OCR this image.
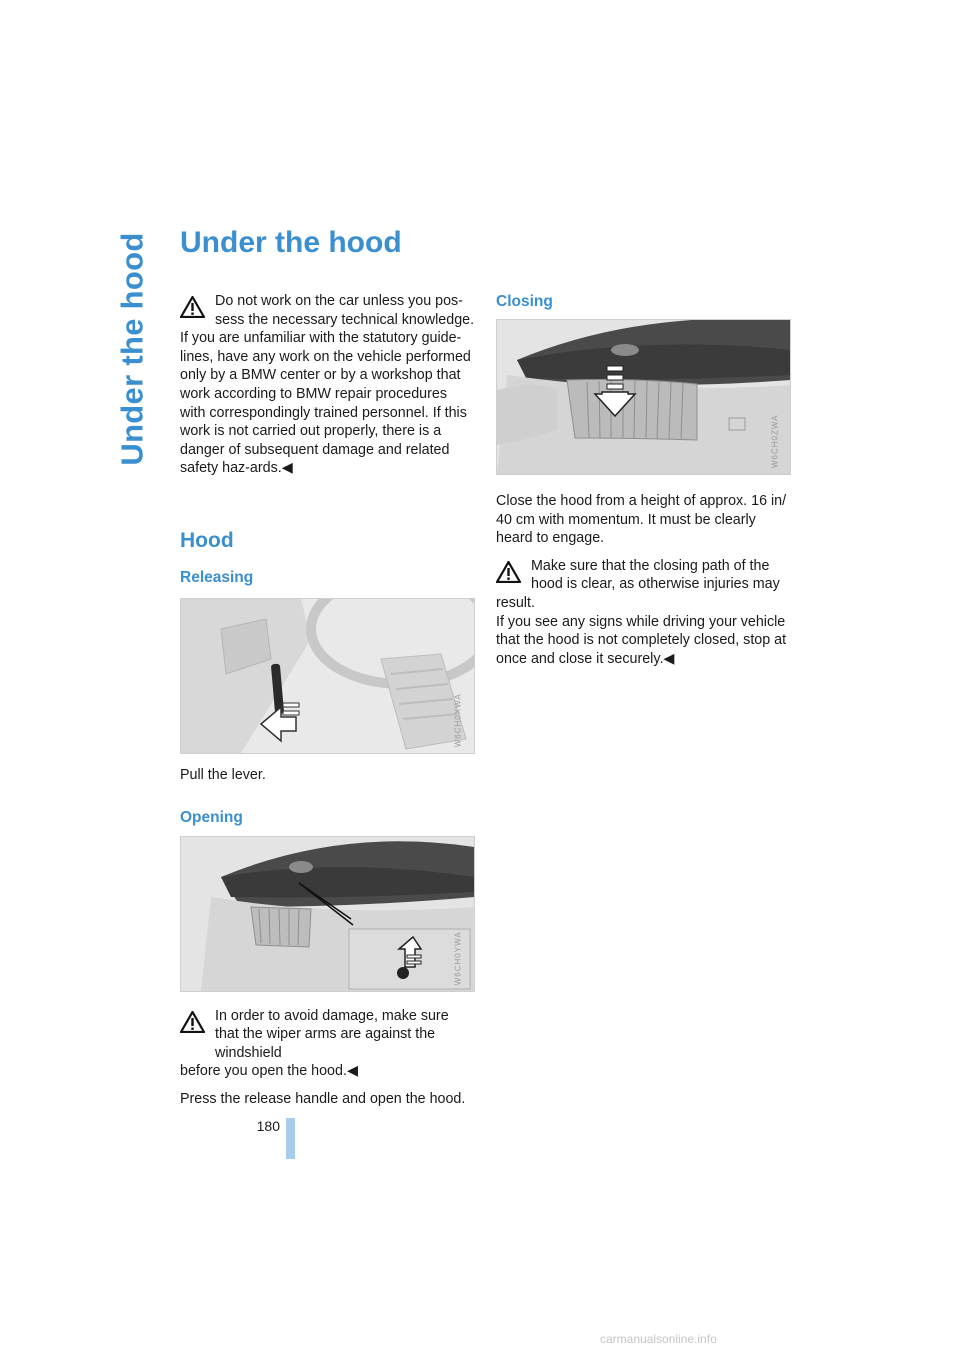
Under the hood Under the hood

Do not work on the car unless you pos-sess the necessary technical knowledge.

If you are unfamiliar with the statutory guide-lines, have any work on the vehicle performed only by a BMW center or by a workshop that work according to BMW repair procedures with correspondingly trained personnel. If this work is not carried out properly, there is a danger of subsequent damage and related safety haz-ards.◀

Hood
Releasing
W6CH0XWA

Pull the lever.

Opening
W6CH0YWA

In order to avoid damage, make sure that the wiper arms are against the windshield

before you open the hood.◀

Press the release handle and open the hood.

Closing
W6CH0ZWA

Close the hood from a height of approx. 16 in/ 40 cm with momentum. It must be clearly heard to engage.

Make sure that the closing path of the hood is clear, as otherwise injuries may

result.

If you see any signs while driving your vehicle that the hood is not completely closed, stop at once and close it securely.◀

180
carmanualsonline.info
